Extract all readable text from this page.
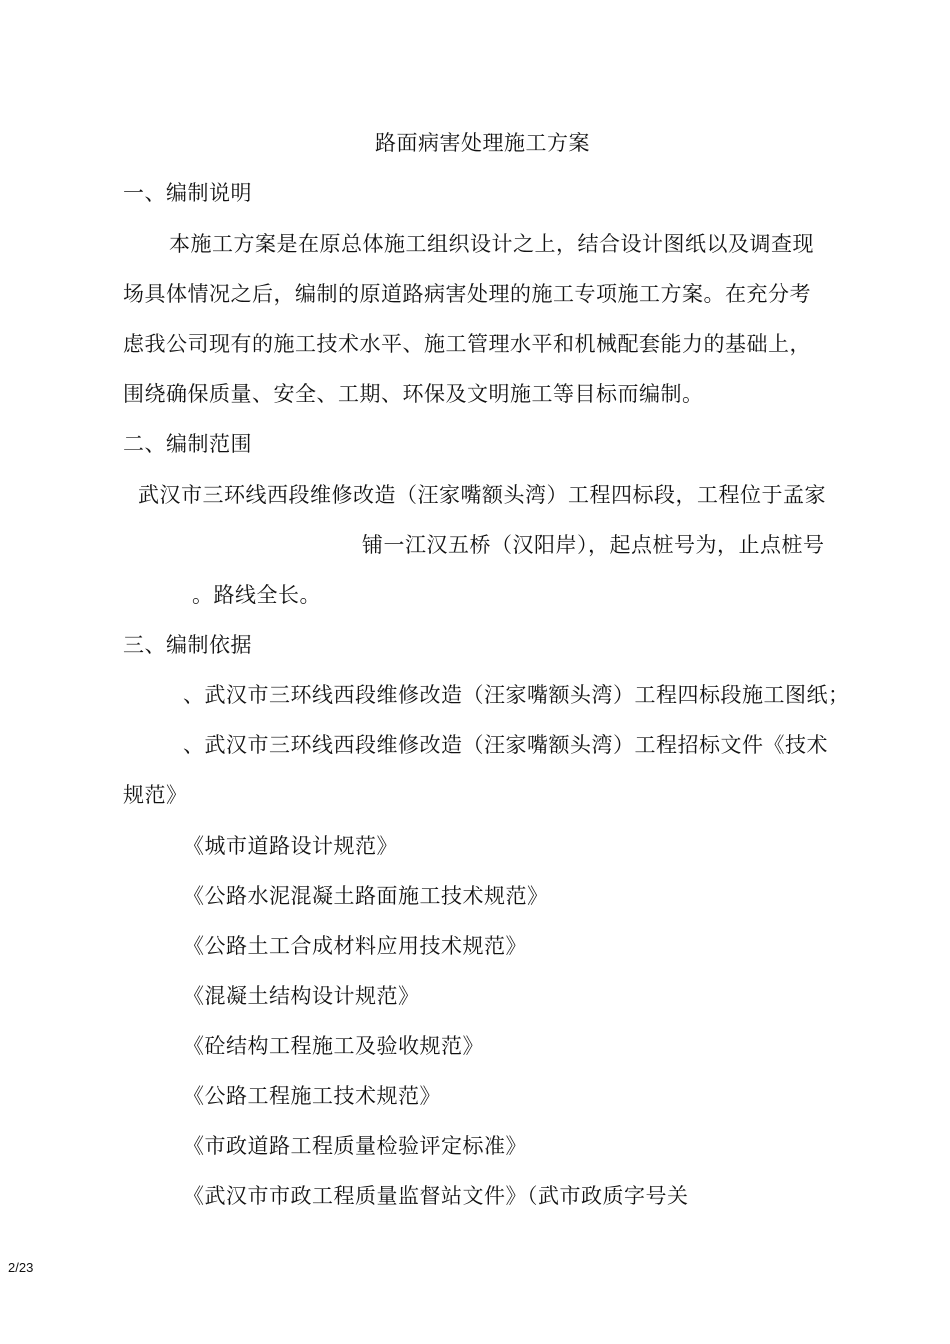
路面病害处理施工方案
一、编制说明
本施工方案是在原总体施工组织设计之上，结合设计图纸以及调查现
场具体情况之后，编制的原道路病害处理的施工专项施工方案。在充分考
虑我公司现有的施工技术水平、施工管理水平和机械配套能力的基础上，
围绕确保质量、安全、工期、环保及文明施工等目标而编制。
二、编制范围
武汉市三环线西段维修改造（汪家嘴额头湾）工程四标段，工程位于孟家
铺一江汉五桥（汉阳岸），起点桩号为，止点桩号
。路线全长。
三、编制依据
、武汉市三环线西段维修改造（汪家嘴额头湾）工程四标段施工图纸；
、武汉市三环线西段维修改造（汪家嘴额头湾）工程招标文件《技术
规范》
《城市道路设计规范》
《公路水泥混凝土路面施工技术规范》
《公路土工合成材料应用技术规范》
《混凝土结构设计规范》
《砼结构工程施工及验收规范》
《公路工程施工技术规范》
《市政道路工程质量检验评定标准》
《武汉市市政工程质量监督站文件》（武市政质字号关
2/23
